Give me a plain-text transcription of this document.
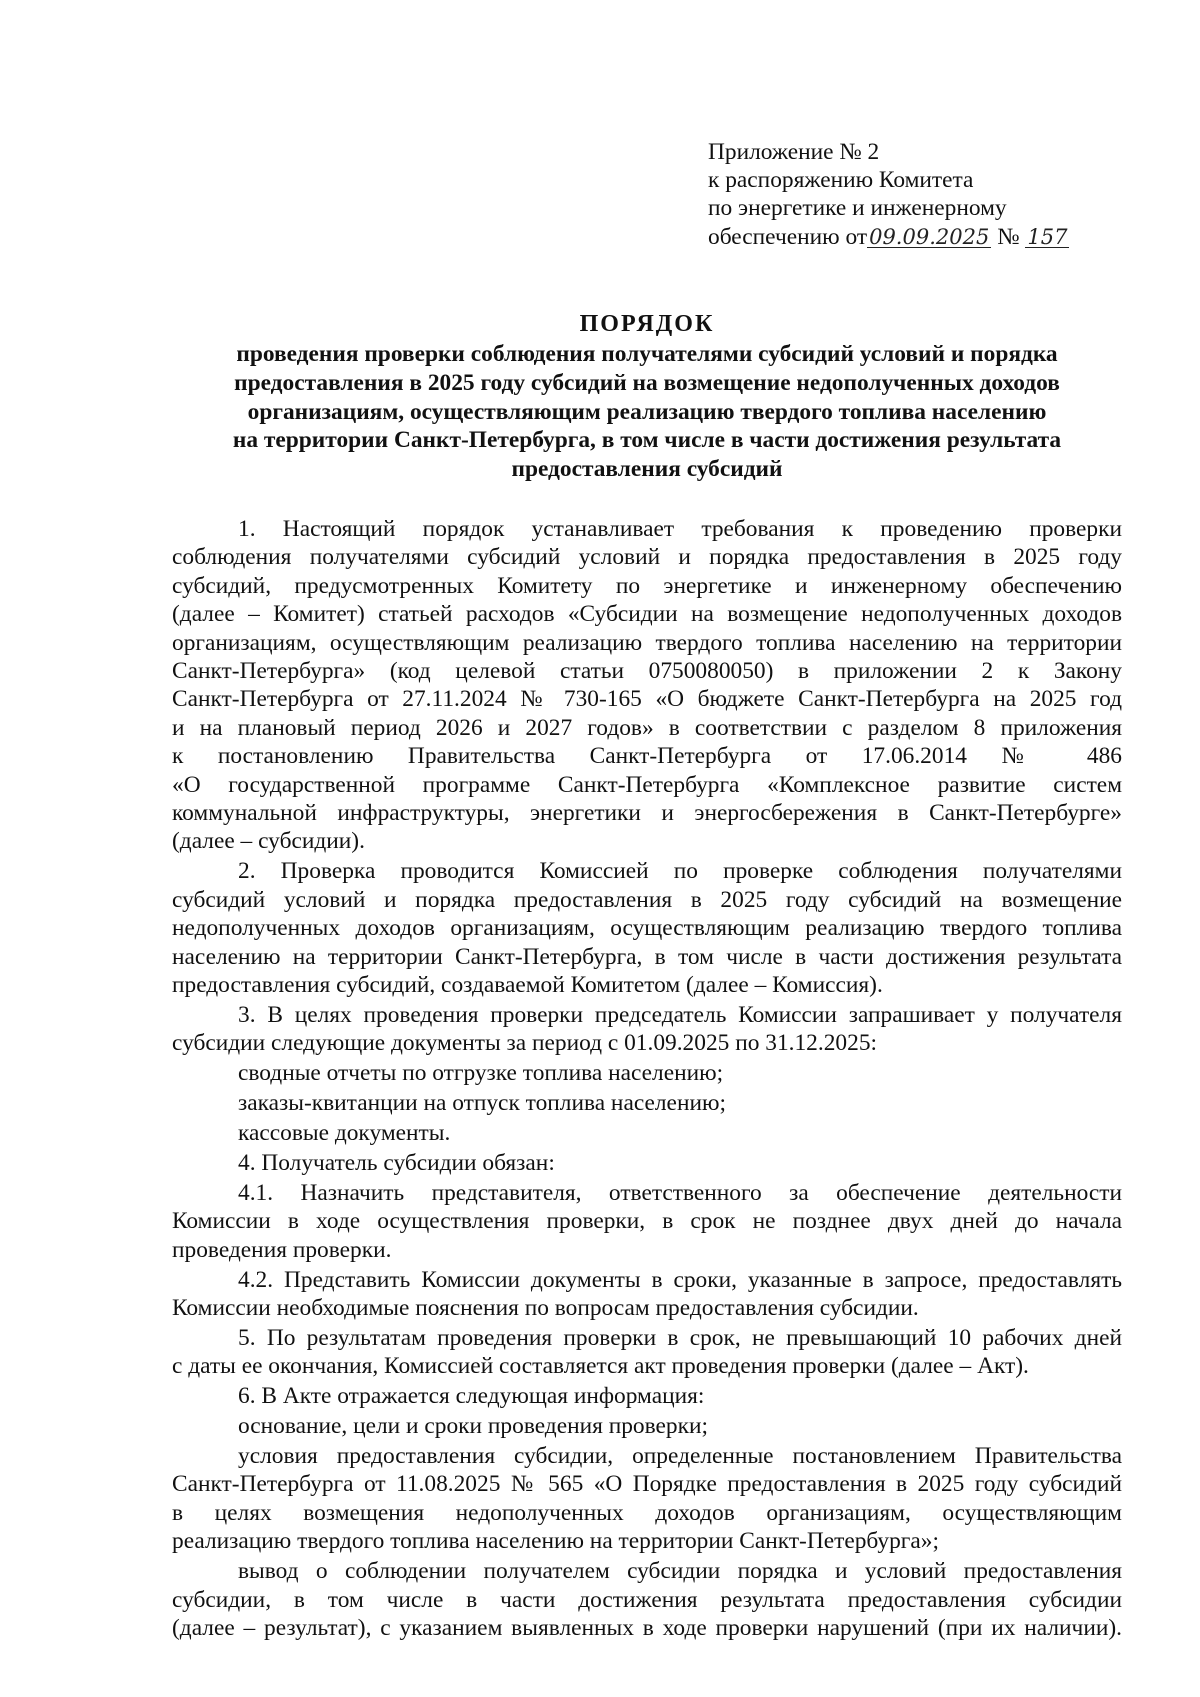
Приложение № 2
к распоряжению Комитета
по энергетике и инженерному
обеспечению от09.09.2025 № 157
ПОРЯДОК
проведения проверки соблюдения получателями субсидий условий и порядка
предоставления в 2025 году субсидий на возмещение недополученных доходов
организациям, осуществляющим реализацию твердого топлива населению
на территории Санкт-Петербурга, в том числе в части достижения результата
предоставления субсидий
1. Настоящий порядок устанавливает требования к проведению проверки
соблюдения получателями субсидий условий и порядка предоставления в 2025 году
субсидий, предусмотренных Комитету по энергетике и инженерному обеспечению
(далее – Комитет) статьей расходов «Субсидии на возмещение недополученных доходов
организациям, осуществляющим реализацию твердого топлива населению на территории
Санкт-Петербурга» (код целевой статьи 0750080050) в приложении 2 к Закону
Санкт-Петербурга от 27.11.2024 № 730-165 «О бюджете Санкт-Петербурга на 2025 год
и на плановый период 2026 и 2027 годов» в соответствии с разделом 8 приложения
к постановлению Правительства Санкт-Петербурга от 17.06.2014 № 486
«О государственной программе Санкт-Петербурга «Комплексное развитие систем
коммунальной инфраструктуры, энергетики и энергосбережения в Санкт-Петербурге»
(далее – субсидии).
2. Проверка проводится Комиссией по проверке соблюдения получателями
субсидий условий и порядка предоставления в 2025 году субсидий на возмещение
недополученных доходов организациям, осуществляющим реализацию твердого топлива
населению на территории Санкт-Петербурга, в том числе в части достижения результата
предоставления субсидий, создаваемой Комитетом (далее – Комиссия).
3. В целях проведения проверки председатель Комиссии запрашивает у получателя
субсидии следующие документы за период с 01.09.2025 по 31.12.2025:
сводные отчеты по отгрузке топлива населению;
заказы-квитанции на отпуск топлива населению;
кассовые документы.
4. Получатель субсидии обязан:
4.1. Назначить представителя, ответственного за обеспечение деятельности
Комиссии в ходе осуществления проверки, в срок не позднее двух дней до начала
проведения проверки.
4.2. Представить Комиссии документы в сроки, указанные в запросе, предоставлять
Комиссии необходимые пояснения по вопросам предоставления субсидии.
5. По результатам проведения проверки в срок, не превышающий 10 рабочих дней
с даты ее окончания, Комиссией составляется акт проведения проверки (далее – Акт).
6. В Акте отражается следующая информация:
основание, цели и сроки проведения проверки;
условия предоставления субсидии, определенные постановлением Правительства
Санкт-Петербурга от 11.08.2025 № 565 «О Порядке предоставления в 2025 году субсидий
в целях возмещения недополученных доходов организациям, осуществляющим
реализацию твердого топлива населению на территории Санкт-Петербурга»;
вывод о соблюдении получателем субсидии порядка и условий предоставления
субсидии, в том числе в части достижения результата предоставления субсидии
(далее – результат), с указанием выявленных в ходе проверки нарушений (при их наличии).
